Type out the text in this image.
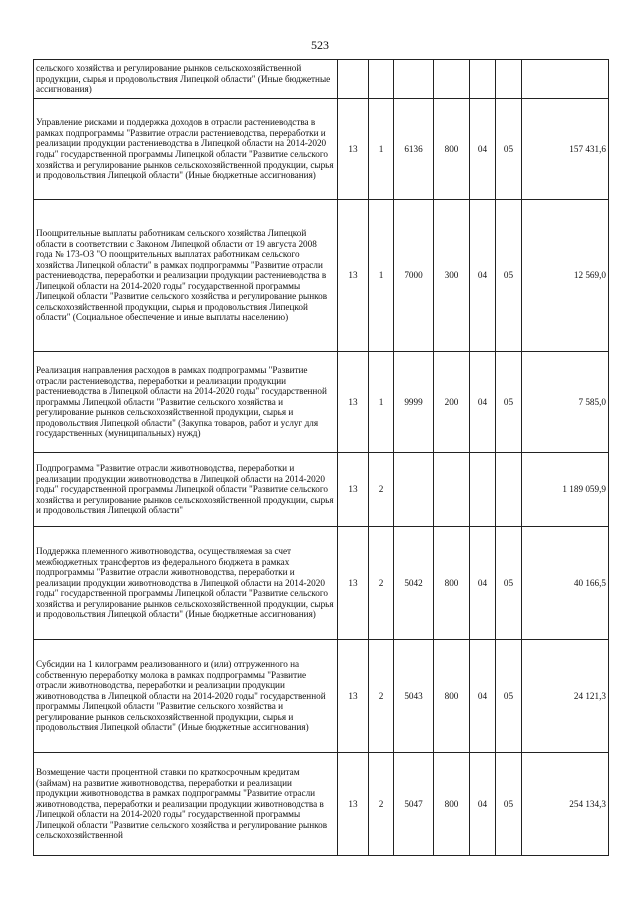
523
сельского хозяйства и регулирование рынков сельскохозяйственной продукции, сырья и продовольствия Липецкой области" (Иные бюджетные ассигнования)							
Управление рисками и поддержка доходов в отрасли растениеводства в рамках подпрограммы "Развитие отрасли растениеводства, переработки и реализации продукции растениеводства в Липецкой области на 2014-2020 годы" государственной программы Липецкой области "Развитие сельского хозяйства и регулирование рынков сельскохозяйственной продукции, сырья и продовольствия Липецкой области" (Иные бюджетные ассигнования)	13	1	6136	800	04	05	157 431,6
Поощрительные выплаты работникам сельского хозяйства Липецкой области в соответствии с Законом Липецкой области от 19 августа 2008 года № 173-ОЗ "О поощрительных выплатах работникам сельского хозяйства Липецкой области" в рамках подпрограммы "Развитие отрасли растениеводства, переработки и реализации продукции растениеводства в Липецкой области на 2014-2020 годы" государственной программы Липецкой области "Развитие сельского хозяйства и регулирование рынков сельскохозяйственной продукции, сырья и продовольствия Липецкой области" (Социальное обеспечение и иные выплаты населению)	13	1	7000	300	04	05	12 569,0
Реализация направления расходов в рамках подпрограммы "Развитие отрасли растениеводства, переработки и реализации продукции растениеводства в Липецкой области на 2014-2020 годы" государственной программы Липецкой области "Развитие сельского хозяйства и регулирование рынков сельскохозяйственной продукции, сырья и продовольствия Липецкой области" (Закупка товаров, работ и услуг для государственных (муниципальных) нужд)	13	1	9999	200	04	05	7 585,0
Подпрограмма "Развитие отрасли животноводства, переработки и реализации продукции животноводства в Липецкой области на 2014-2020 годы" государственной программы Липецкой области "Развитие сельского хозяйства и регулирование рынков сельскохозяйственной продукции, сырья и продовольствия Липецкой области"	13	2					1 189 059,9
Поддержка племенного животноводства, осуществляемая за счет межбюджетных трансфертов из федерального бюджета в рамках подпрограммы "Развитие отрасли животноводства, переработки и реализации продукции животноводства в Липецкой области на 2014-2020 годы" государственной программы Липецкой области "Развитие сельского хозяйства и регулирование рынков сельскохозяйственной продукции, сырья и продовольствия Липецкой области" (Иные бюджетные ассигнования)	13	2	5042	800	04	05	40 166,5
Субсидии на 1 килограмм реализованного и (или) отгруженного на собственную переработку молока в рамках подпрограммы "Развитие отрасли животноводства, переработки и реализации продукции животноводства в Липецкой области на 2014-2020 годы" государственной программы Липецкой области "Развитие сельского хозяйства и регулирование рынков сельскохозяйственной продукции, сырья и продовольствия Липецкой области" (Иные бюджетные ассигнования)	13	2	5043	800	04	05	24 121,3
Возмещение части процентной ставки по краткосрочным кредитам (займам) на развитие животноводства, переработки и реализации продукции животноводства в рамках подпрограммы "Развитие отрасли животноводства, переработки и реализации продукции животноводства в Липецкой области на 2014-2020 годы" государственной программы Липецкой области "Развитие сельского хозяйства и регулирование рынков сельскохозяйственной	13	2	5047	800	04	05	254 134,3
